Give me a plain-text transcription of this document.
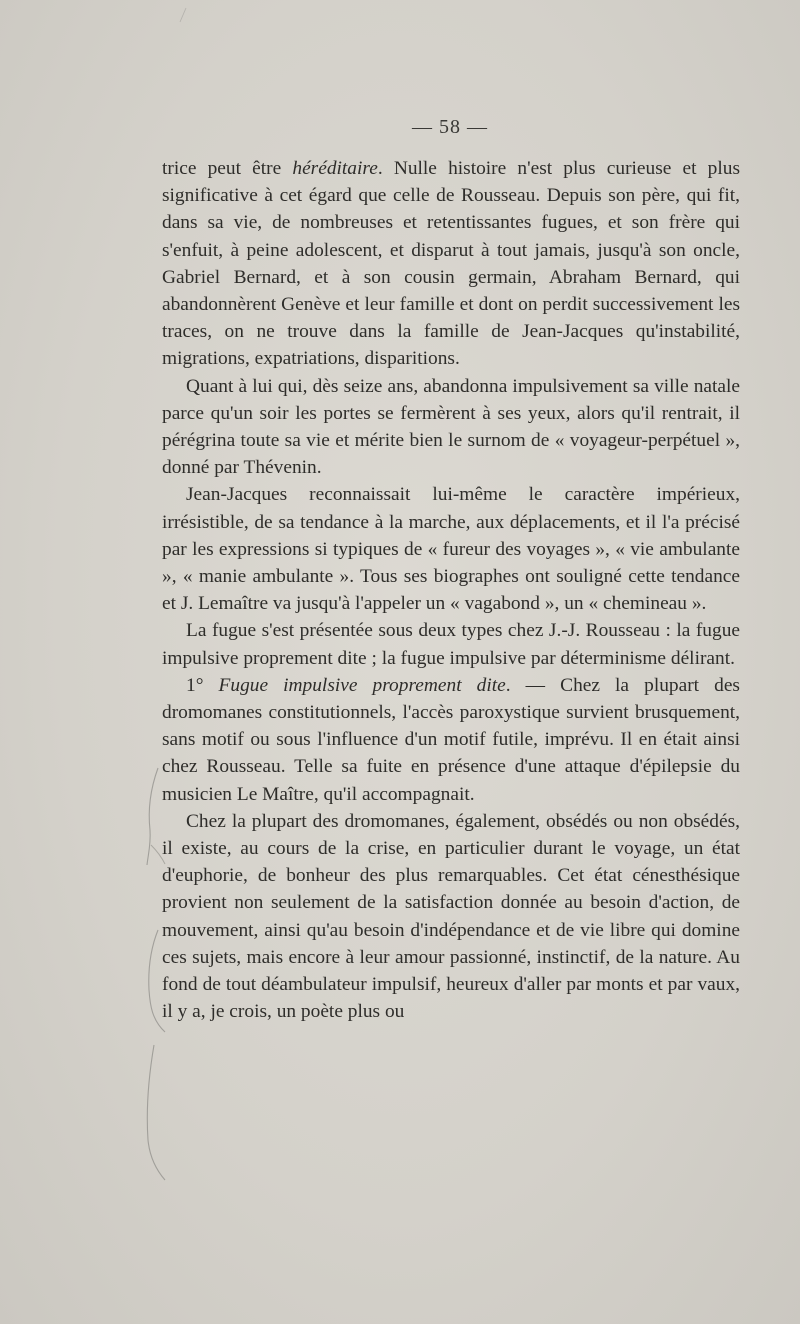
— 58 —

trice peut être héréditaire. Nulle histoire n'est plus curieuse et plus significative à cet égard que celle de Rousseau. Depuis son père, qui fit, dans sa vie, de nombreuses et retentissantes fugues, et son frère qui s'enfuit, à peine adolescent, et disparut à tout jamais, jusqu'à son oncle, Gabriel Bernard, et à son cousin germain, Abraham Bernard, qui abandonnèrent Genève et leur famille et dont on perdit successivement les traces, on ne trouve dans la famille de Jean-Jacques qu'instabilité, migrations, expatriations, disparitions.

Quant à lui qui, dès seize ans, abandonna impulsivement sa ville natale parce qu'un soir les portes se fermèrent à ses yeux, alors qu'il rentrait, il pérégrina toute sa vie et mérite bien le surnom de « voyageur-perpétuel », donné par Thévenin.

Jean-Jacques reconnaissait lui-même le caractère impérieux, irrésistible, de sa tendance à la marche, aux déplacements, et il l'a précisé par les expressions si typiques de « fureur des voyages », « vie ambulante », « manie ambulante ». Tous ses biographes ont souligné cette tendance et J. Lemaître va jusqu'à l'appeler un « vagabond », un « chemineau ».

La fugue s'est présentée sous deux types chez J.-J. Rousseau : la fugue impulsive proprement dite ; la fugue impulsive par déterminisme délirant.

1° Fugue impulsive proprement dite. — Chez la plupart des dromomanes constitutionnels, l'accès paroxystique survient brusquement, sans motif ou sous l'influence d'un motif futile, imprévu. Il en était ainsi chez Rousseau. Telle sa fuite en présence d'une attaque d'épilepsie du musicien Le Maître, qu'il accompagnait.

Chez la plupart des dromomanes, également, obsédés ou non obsédés, il existe, au cours de la crise, en particulier durant le voyage, un état d'euphorie, de bonheur des plus remarquables. Cet état cénesthésique provient non seulement de la satisfaction donnée au besoin d'action, de mouvement, ainsi qu'au besoin d'indépendance et de vie libre qui domine ces sujets, mais encore à leur amour passionné, instinctif, de la nature. Au fond de tout déambulateur impulsif, heureux d'aller par monts et par vaux, il y a, je crois, un poète plus ou
